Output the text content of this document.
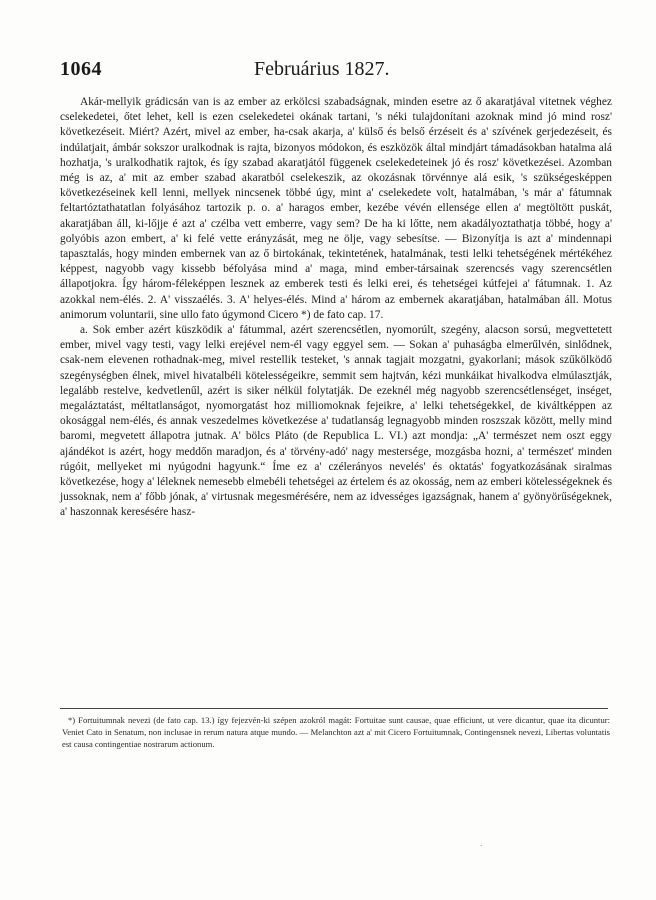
1064	Februárius 1827.

Akár-mellyik grádicsán van is az ember az erkölcsi szabadságnak, minden esetre az ő akaratjával vitetnek véghez cselekedetei, őtet lehet, kell is ezen cselekedetei okának tartani, 's néki tulajdonítani azoknak mind jó mind rosz' következéseit. Miért? Azért, mivel az ember, ha-csak akarja, a' külső és belső érzéseit és a' szívének gerjedezéseit, és indúlatjait, ámbár sokszor uralkodnak is rajta, bizonyos módokon, és eszközök által mindjárt támadásokban hatalma alá hozhatja, 's uralkodhatik rajtok, és így szabad akaratjától függenek cselekedeteinek jó és rosz' következései. Azomban még is az, a' mit az ember szabad akaratból cselekeszik, az okozásnak törvénnye alá esik, 's szükségesképpen következéseinek kell lenni, mellyek nincsenek többé úgy, mint a' cselekedete volt, hatalmában, 's már a' fátumnak feltartóztathatatlan folyásához tartozik p. o. a' haragos ember, kezébe vévén ellensége ellen a' megtöltött puskát, akaratjában áll, ki-lőjje é azt a' czélba vett emberre, vagy sem? De ha ki lőtte, nem akadályoztathatja többé, hogy a' golyóbis azon embert, a' ki felé vette erányzását, meg ne ölje, vagy sebesítse. — Bizonyítja is azt a' mindennapi tapasztalás, hogy minden embernek van az ő birtokának, tekintetének, hatalmának, testi lelki tehetségének mértékéhez képpest, nagyobb vagy kissebb béfolyása mind a' maga, mind ember-társainak szerencsés vagy szerencsétlen állapotjokra. Így három-féleképpen lesznek az emberek testi és lelki erei, és tehetségei kútfejei a' fátumnak. 1. Az azokkal nem-élés. 2. A' visszaélés. 3. A' helyes-élés. Mind a' három az embernek akaratjában, hatalmában áll. Motus animorum voluntarii, sine ullo fato úgymond Cicero *) de fato cap. 17.

a. Sok ember azért küszködik a' fátummal, azért szerencsétlen, nyomorúlt, szegény, alacson sorsú, megvettetett ember, mivel vagy testi, vagy lelki erejével nem-él vagy eggyel sem. — Sokan a' puhaságba elmerűlvén, sinlődnek, csak-nem elevenen rothadnak-meg, mivel restellik testeket, 's annak tagjait mozgatni, gyakorlani; mások szűkölködő szegénységben élnek, mivel hivatalbéli kötelességeikre, semmit sem hajtván, kézi munkáikat hivalkodva elmúlasztják, legalább restelve, kedvetlenűl, azért is siker nélkül folytatják. De ezeknél még nagyobb szerencsétlenséget, inséget, megaláztatást, méltatlanságot, nyomorgatást hoz milliomoknak fejeikre, a' lelki tehetségekkel, de kiváltképpen az okosággal nem-élés, és annak veszedelmes következése a' tudatlanság legnagyobb minden roszszak között, melly mind baromi, megvetett állapotra jutnak. A' bölcs Pláto (de Republica L. VI.) azt mondja: „A' természet nem oszt eggy ajándékot is azért, hogy meddőn maradjon, és a' törvény-adó' nagy mestersége, mozgásba hozni, a' természet' minden rúgóit, mellyeket mi nyúgodni hagyunk.“ Íme ez a' czélerányos nevelés' és oktatás' fogyatkozásának siralmas következése, hogy a' léleknek nemesebb elmebéli tehetségei az értelem és az okosság, nem az emberi kötelességeknek és jussoknak, nem a' főbb jónak, a' virtusnak megesmérésére, nem az idvességes igazságnak, hanem a' gyönyörűségeknek, a' haszonnak keresésére hasz-

*) Fortuitumnak nevezi (de fato cap. 13.) így fejezvén-ki szépen azokról magát: Fortuitae sunt causae, quae efficiunt, ut vere dicantur, quae ita dicuntur: Veniet Cato in Senatum, non inclusae in rerum natura atque mundo. — Melanchton azt a' mit Cicero Fortuitumnak, Contingensnek nevezi, Libertas voluntatis est causa contingentiae nostrarum actionum.

·
